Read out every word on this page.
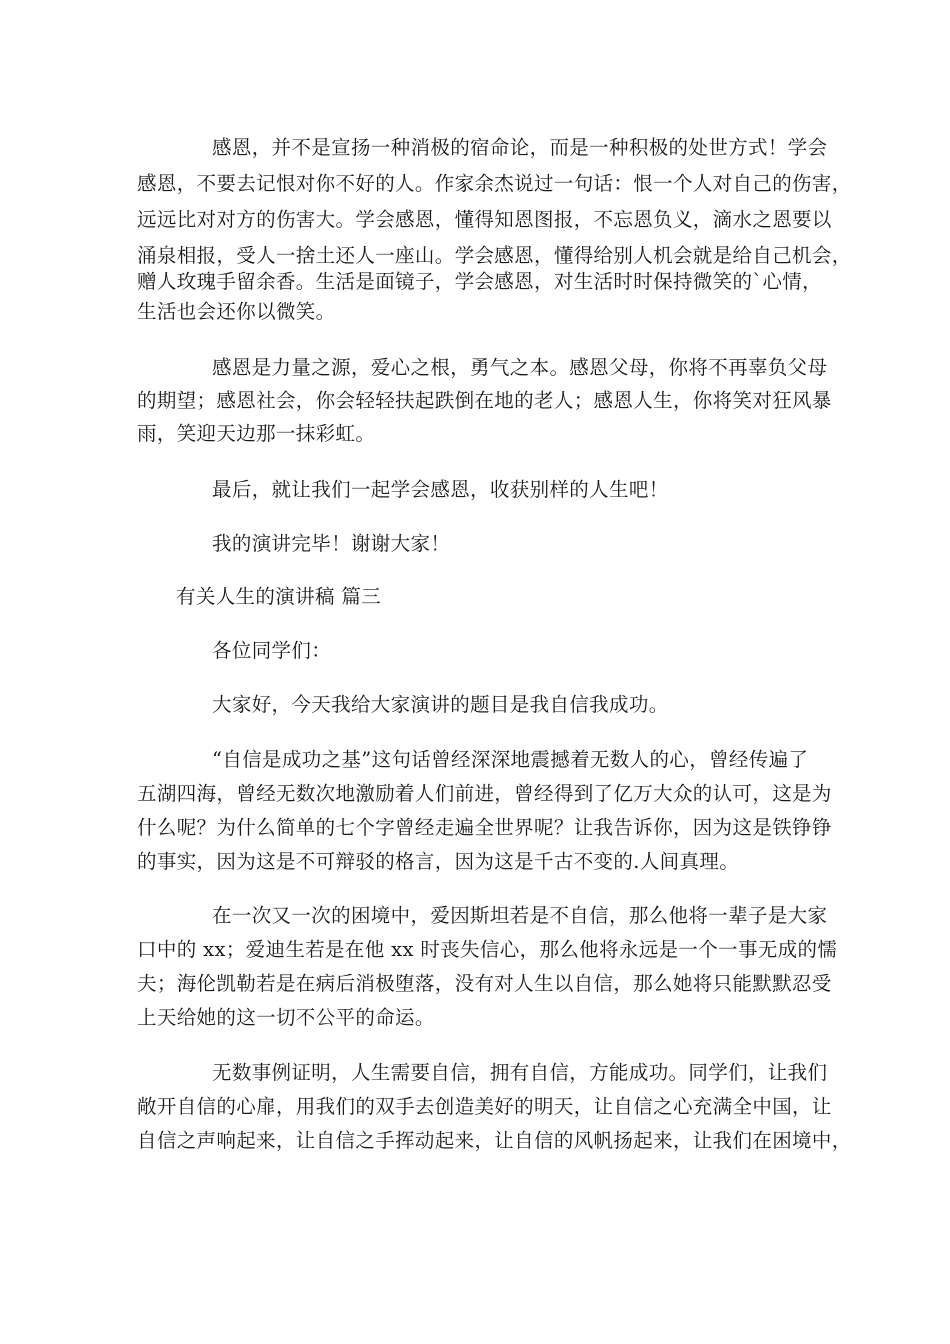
感恩，并不是宣扬一种消极的宿命论，而是一种积极的处世方式！学会
感恩，不要去记恨对你不好的人。作家余杰说过一句话：恨一个人对自己的伤害，
远远比对对方的伤害大。学会感恩，懂得知恩图报，不忘恩负义，滴水之恩要以
涌泉相报，受人一捨土还人一座山。学会感恩，懂得给别人机会就是给自己机会，
赠人玫瑰手留余香。生活是面镜子，学会感恩，对生活时时保持微笑的`心情，
生活也会还你以微笑。
感恩是力量之源，爱心之根，勇气之本。感恩父母，你将不再辜负父母
的期望；感恩社会，你会轻轻扶起跌倒在地的老人；感恩人生，你将笑对狂风暴
雨，笑迎天边那一抹彩虹。
最后，就让我们一起学会感恩，收获别样的人生吧！
我的演讲完毕！谢谢大家！
有关人生的演讲稿 篇三
各位同学们：
大家好，今天我给大家演讲的题目是我自信我成功。
“自信是成功之基”这句话曾经深深地震撼着无数人的心，曾经传遍了
五湖四海，曾经无数次地激励着人们前进，曾经得到了亿万大众的认可，这是为
什么呢？为什么简单的七个字曾经走遍全世界呢？让我告诉你，因为这是铁铮铮
的事实，因为这是不可辩驳的格言，因为这是千古不变的.人间真理。
在一次又一次的困境中，爱因斯坦若是不自信，那么他将一辈子是大家
口中的 xx；爱迪生若是在他 xx 时丧失信心，那么他将永远是一个一事无成的懦
夫；海伦凯勒若是在病后消极堕落，没有对人生以自信，那么她将只能默默忍受
上天给她的这一切不公平的命运。
无数事例证明，人生需要自信，拥有自信，方能成功。同学们，让我们
敞开自信的心扉，用我们的双手去创造美好的明天，让自信之心充满全中国，让
自信之声响起来，让自信之手挥动起来，让自信的风帆扬起来，让我们在困境中，
